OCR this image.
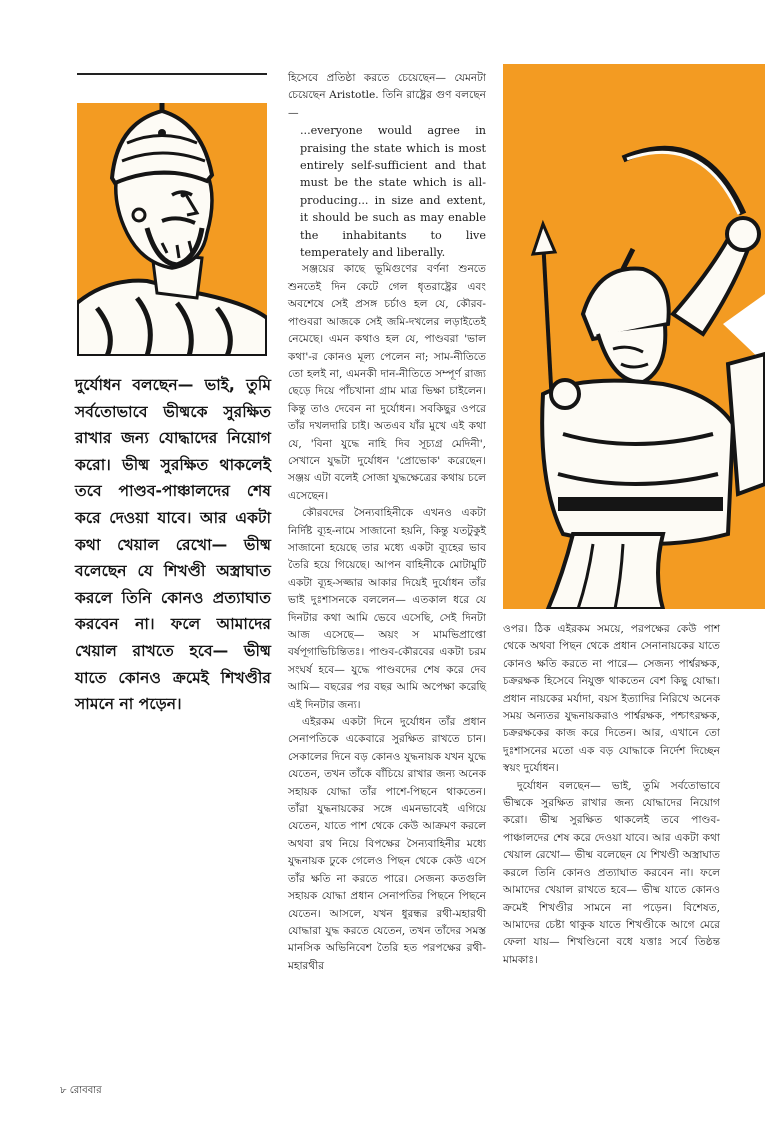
দুর্যোধন বলছেন— ভাই, তুমি সর্বতোভাবে ভীষ্মকে সুরক্ষিত রাখার জন্য যোদ্ধাদের নিয়োগ করো। ভীষ্ম সুরক্ষিত থাকলেই তবে পাণ্ডব-পাঞ্চালদের শেষ করে দেওয়া যাবে। আর একটা কথা খেয়াল রেখো— ভীষ্ম বলেছেন যে শিখণ্ডী অস্ত্রাঘাত করলে তিনি কোনও প্রত্যাঘাত করবেন না। ফলে আমাদের খেয়াল রাখতে হবে— ভীষ্ম যাতে কোনও ক্রমেই শিখণ্ডীর সামনে না পড়েন।

হিসেবে প্রতিষ্ঠা করতে চেয়েছেন— যেমনটা চেয়েছেন Aristotle. তিনি রাষ্ট্রের গুণ বলছেন—

...everyone would agree in praising the state which is most entirely self-sufficient and that must be the state which is all-producing... in size and extent, it should be such as may enable the inhabitants to live temperately and liberally.

সঞ্জয়ের কাছে ভূমিগুণের বর্ণনা শুনতে শুনতেই দিন কেটে গেল ধৃতরাষ্ট্রের এবং অবশেষে সেই প্রসঙ্গ চর্চাও হল যে, কৌরব-পাণ্ডবরা আজকে সেই জমি-দখলের লড়াইতেই নেমেছে। এমন কথাও হল যে, পাণ্ডবরা 'ভাল কথা'-র কোনও মূল্য পেলেন না; সাম-নীতিতে তো হলই না, এমনকী দান-নীতিতে সম্পূর্ণ রাজ্য ছেড়ে দিয়ে পাঁচখানা গ্রাম মাত্র ভিক্ষা চাইলেন। কিন্তু তাও দেবেন না দুর্যোধন। সবকিছুর ওপরে তাঁর দখলদারি চাই। অতএব যাঁর মুখে এই কথা যে, 'বিনা যুদ্ধে নাহি দিব সূচ্যগ্র মেদিনী', সেখানে যুদ্ধটা দুর্যোধন 'প্রোভোক' করেছেন। সঞ্জয় এটা বলেই সোজা যুদ্ধক্ষেত্রের কথায় চলে এসেছেন।

কৌরবদের সৈন্যবাহিনীকে এখনও একটা নির্দিষ্ট ব্যূহ-নামে সাজানো হয়নি, কিন্তু যতটুকুই সাজানো হয়েছে তার মধ্যে একটা ব্যূহের ভাব তৈরি হয়ে গিয়েছে। আপন বাহিনীকে মোটামুটি একটা ব্যূহ-সজ্জার আকার দিয়েই দুর্যোধন তাঁর ভাই দুঃশাসনকে বললেন— এতকাল ধরে যে দিনটার কথা আমি ভেবে এসেছি, সেই দিনটা আজ এসেছে— অয়ং স মামভিপ্রাপ্তো বর্ষপূগাভিচিন্তিতঃ। পাণ্ডব-কৌরবের একটা চরম সংঘর্ষ হবে— যুদ্ধে পাণ্ডবদের শেষ করে দেব আমি— বছরের পর বছর আমি অপেক্ষা করেছি এই দিনটার জন্য।

এইরকম একটা দিনে দুর্যোধন তাঁর প্রধান সেনাপতিকে একেবারে সুরক্ষিত রাখতে চান। সেকালের দিনে বড় কোনও যুদ্ধনায়ক যখন যুদ্ধে যেতেন, তখন তাঁকে বাঁচিয়ে রাখার জন্য অনেক সহায়ক যোদ্ধা তাঁর পাশে-পিছনে থাকতেন। তাঁরা যুদ্ধনায়কের সঙ্গে এমনভাবেই এগিয়ে যেতেন, যাতে পাশ থেকে কেউ আক্রমণ করলে অথবা রথ নিয়ে বিপক্ষের সৈন্যবাহিনীর মধ্যে যুদ্ধনায়ক ঢুকে গেলেও পিছন থেকে কেউ এসে তাঁর ক্ষতি না করতে পারে। সেজন্য কতগুলি সহায়ক যোদ্ধা প্রধান সেনাপতির পিছনে পিছনে যেতেন। আসলে, যখন ধুরন্ধর রথী-মহারথী যোদ্ধারা যুদ্ধ করতে যেতেন, তখন তাঁদের সমস্ত মানসিক অভিনিবেশ তৈরি হত পরপক্ষের রথী-মহারথীর

ওপর। ঠিক এইরকম সময়ে, পরপক্ষের কেউ পাশ থেকে অথবা পিছন থেকে প্রধান সেনানায়কের যাতে কোনও ক্ষতি করতে না পারে— সেজন্য পার্শ্বরক্ষক, চক্ররক্ষক হিসেবে নিযুক্ত থাকতেন বেশ কিছু যোদ্ধা। প্রধান নায়কের মর্যাদা, বয়স ইত্যাদির নিরিখে অনেক সময় অন্যতর যুদ্ধনায়করাও পার্শ্বরক্ষক, পশ্চাৎরক্ষক, চক্ররক্ষকের কাজ করে দিতেন। আর, এখানে তো দুঃশাসনের মতো এক বড় যোদ্ধাকে নির্দেশ দিচ্ছেন স্বয়ং দুর্যোধন।

দুর্যোধন বলছেন— ভাই, তুমি সর্বতোভাবে ভীষ্মকে সুরক্ষিত রাখার জন্য যোদ্ধাদের নিয়োগ করো। ভীষ্ম সুরক্ষিত থাকলেই তবে পাণ্ডব-পাঞ্চালদের শেষ করে দেওয়া যাবে। আর একটা কথা খেয়াল রেখো— ভীষ্ম বলেছেন যে শিখণ্ডী অস্ত্রাঘাত করলে তিনি কোনও প্রত্যাঘাত করবেন না। ফলে আমাদের খেয়াল রাখতে হবে— ভীষ্ম যাতে কোনও ক্রমেই শিখণ্ডীর সামনে না পড়েন। বিশেষত, আমাদের চেষ্টা থাকুক যাতে শিখণ্ডীকে আগে মেরে ফেলা যায়— শিখণ্ডিনো বধে যত্তাঃ সর্বে তিষ্ঠন্ত মামকাঃ।

৮ রোববার
